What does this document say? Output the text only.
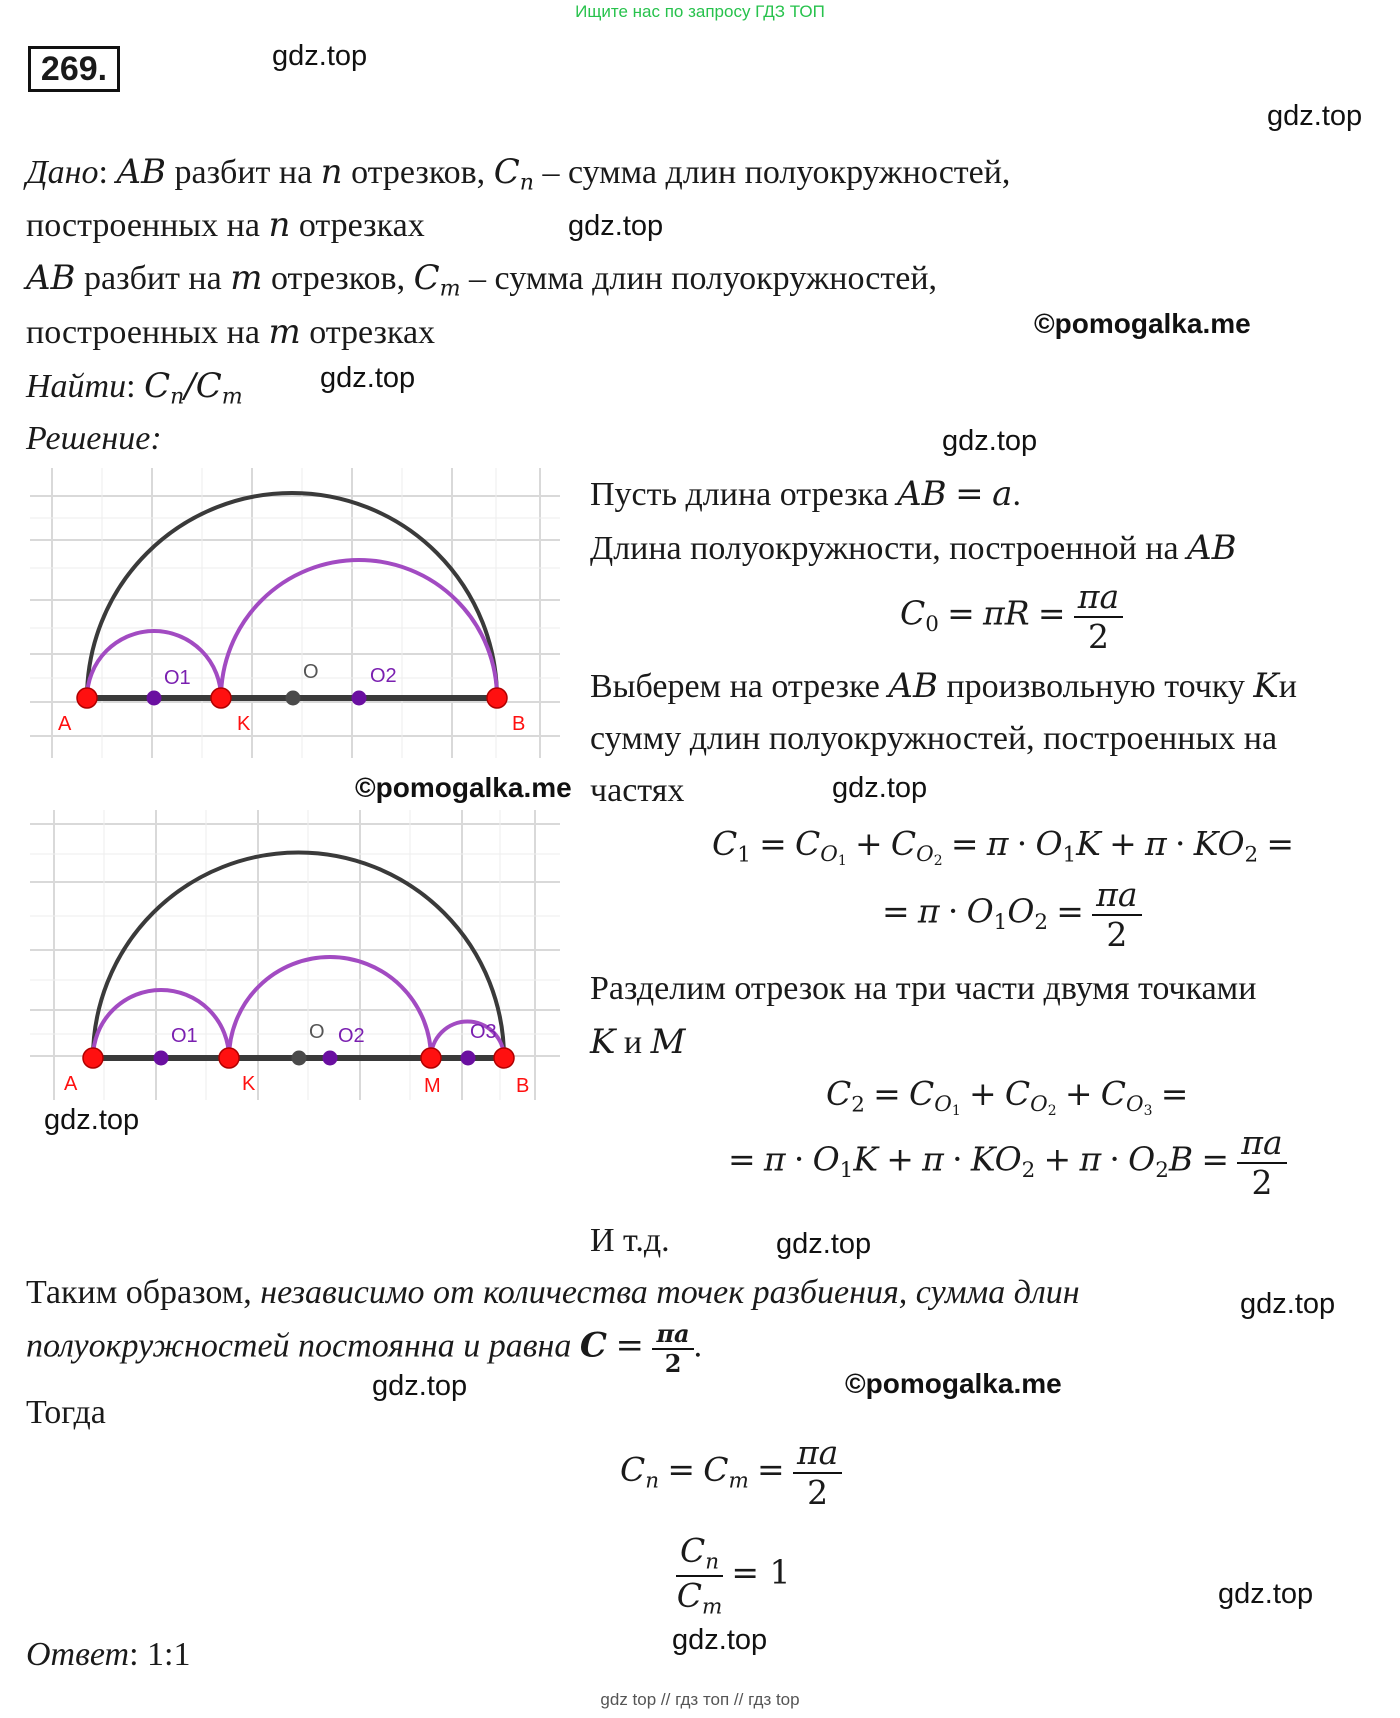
Ищите нас по запросу ГДЗ ТОП
269.	gdz.top
gdz.top
gdz.top
©pomogalka.me
gdz.top
gdz.top
©pomogalka.me	gdz.top
gdz.top
gdz.top
gdz.top
gdz.top	©pomogalka.me
gdz.top
gdz.top
Дано: AB разбит на n отрезков, $C_n$ – сумма длин полуокружностей,
построенных на n отрезках
AB разбит на m отрезков, $C_m$ – сумма длин полуокружностей,
построенных на m отрезках
Найти: $C_n/C_m$
Решение:
A
O1
K
O	O2
B
A
O1
K
O O2
M
O3
B
Пусть длина отрезка AB = a.
Длина полуокружности, построенной на AB
$C_0 = \pi R = \frac{\pi a}{2}$
Выберем на отрезке AB произвольную точку Kи
сумму длин полуокружностей, построенных на
частях
$C_1 = C_{O_1} + C_{O_2} = \pi \cdot O_1K + \pi \cdot KO_2$ =
= $\pi \cdot O_1O_2 = \frac{\pi a}{2}$
Разделим отрезок на три части двумя точками
K и M
$C_2 = C_{O_1} + C_{O_2} + C_{O_3}$ =
= $\pi \cdot O_1K + \pi \cdot KO_2 + \pi \cdot O_2B = \frac{\pi a}{2}$
И т.д.
Таким образом, независимо от количества точек разбиения, сумма длин
полуокружностей постоянна и равна $C = \frac{\pi a}{2}$ .
Тогда
$C_n = C_m = \frac{\pi a}{2}$
$\frac{C_n}{C_m} = 1$
Ответ: 1:1
gdz top // гдз топ // гдз top
